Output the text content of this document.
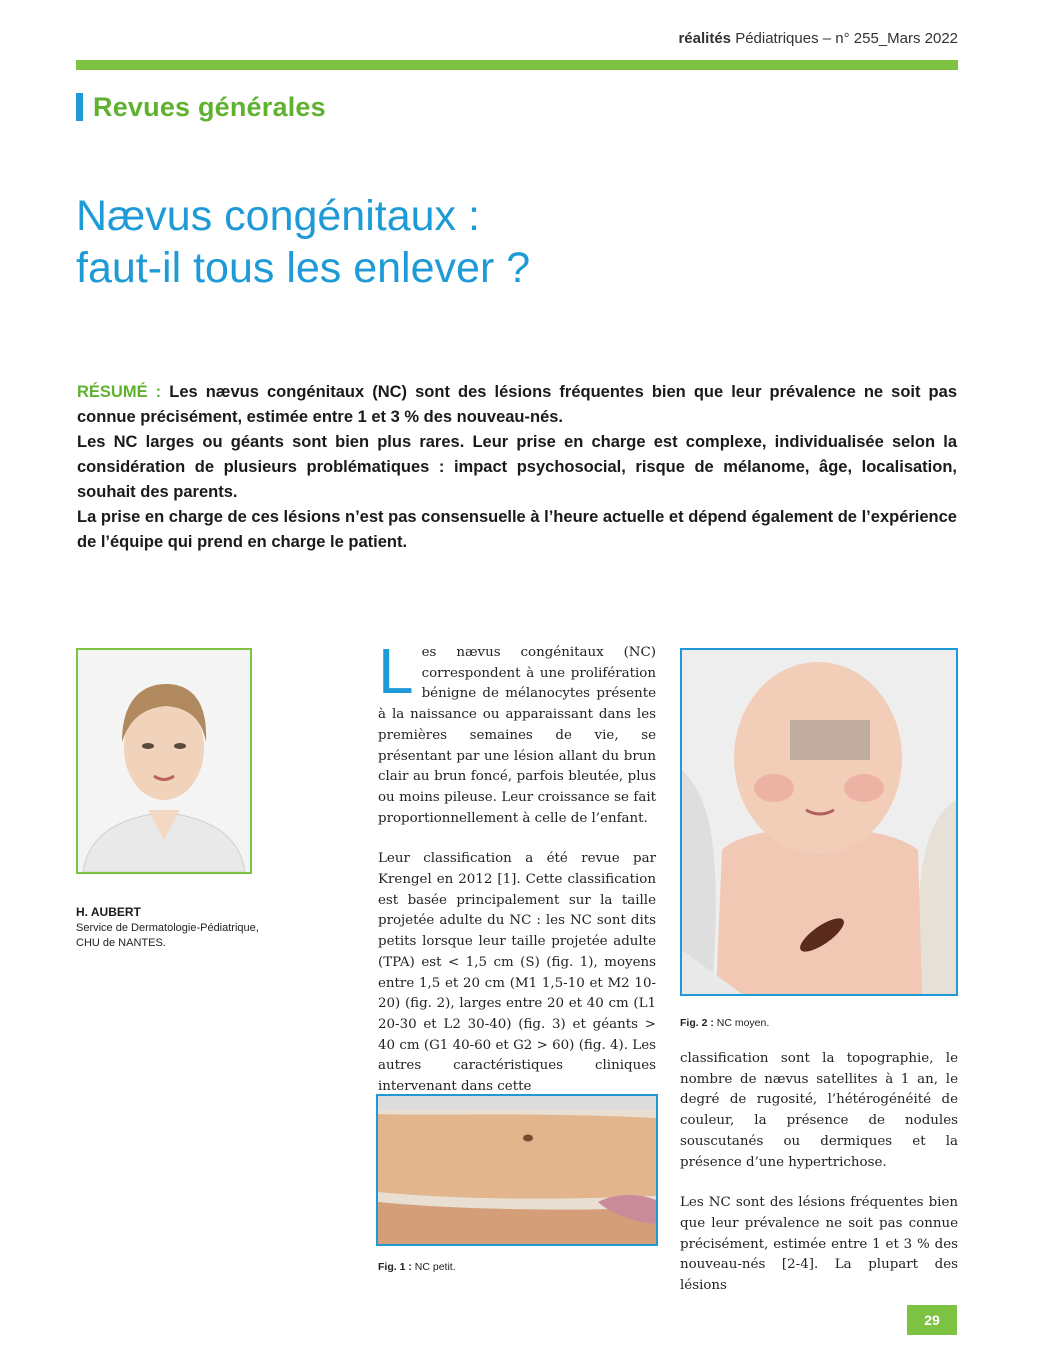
réalités Pédiatriques – n° 255_Mars 2022
Revues générales
Nævus congénitaux :
faut-il tous les enlever ?

RÉSUMÉ : Les nævus congénitaux (NC) sont des lésions fréquentes bien que leur prévalence ne soit pas connue précisément, estimée entre 1 et 3 % des nouveau-nés.

Les NC larges ou géants sont bien plus rares. Leur prise en charge est complexe, individualisée selon la considération de plusieurs problématiques : impact psychosocial, risque de mélanome, âge, localisation, souhait des parents.

La prise en charge de ces lésions n’est pas consensuelle à l’heure actuelle et dépend également de l’expérience de l’équipe qui prend en charge le patient.

H. AUBERT
Service de Dermatologie-Pédiatrique,
CHU de NANTES.

Les nævus congénitaux (NC) correspondent à une prolifération bénigne de mélanocytes présente à la naissance ou apparaissant dans les premières semaines de vie, se présentant par une lésion allant du brun clair au brun foncé, parfois bleutée, plus ou moins pileuse. Leur croissance se fait proportionnellement à celle de l’enfant.

Leur classification a été revue par Krengel en 2012 [1]. Cette classification est basée principalement sur la taille projetée adulte du NC : les NC sont dits petits lorsque leur taille projetée adulte (TPA) est < 1,5 cm (S) (fig. 1), moyens entre 1,5 et 20 cm (M1 1,5-10 et M2 10-20) (fig. 2), larges entre 20 et 40 cm (L1 20-30 et L2 30-40) (fig. 3) et géants > 40 cm (G1 40-60 et G2 > 60) (fig. 4). Les autres caractéristiques cliniques intervenant dans cette

Fig. 1 : NC petit.
Fig. 2 : NC moyen.

classification sont la topographie, le nombre de nævus satellites à 1 an, le degré de rugosité, l’hétérogénéité de couleur, la présence de nodules souscutanés ou dermiques et la présence d’une hypertrichose.

Les NC sont des lésions fréquentes bien que leur prévalence ne soit pas connue précisément, estimée entre 1 et 3 % des nouveau-nés [2-4]. La plupart des lésions

29
